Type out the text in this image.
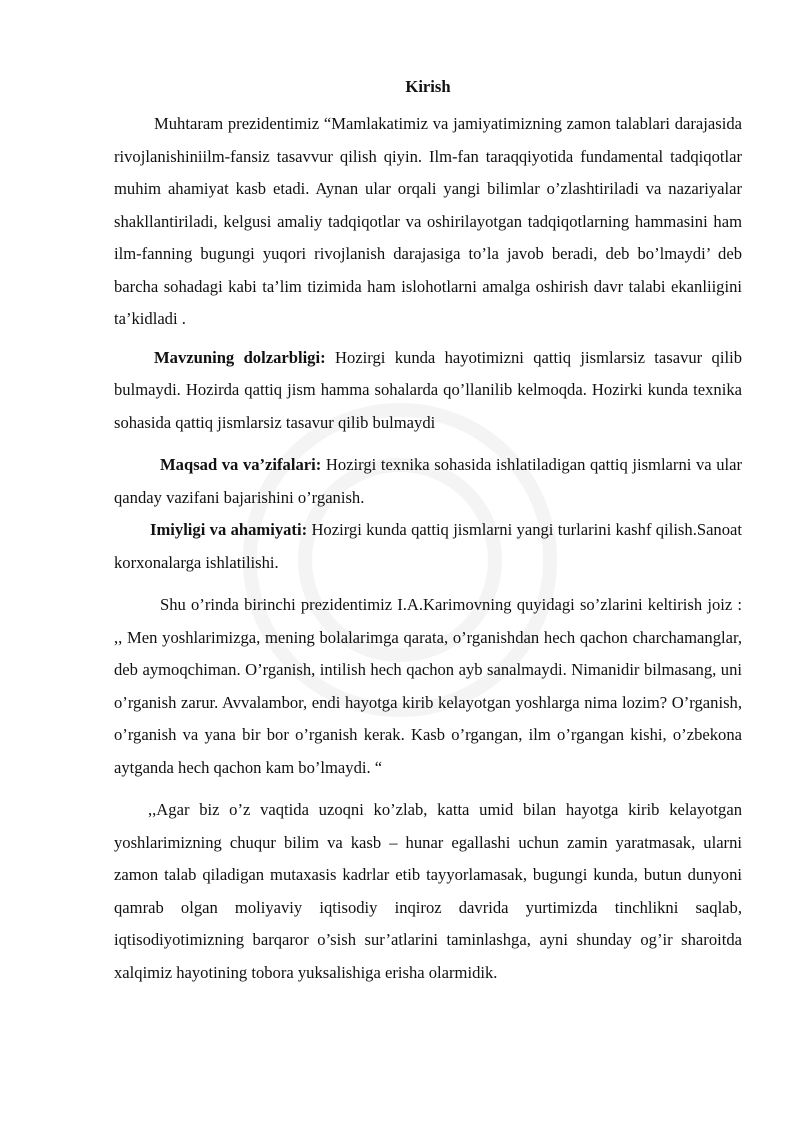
Kirish

Muhtaram prezidentimiz “Mamlakatimiz va jamiyatimizning zamon talablari darajasida rivojlanishiniilm-fansiz tasavvur qilish qiyin. Ilm-fan taraqqiyotida fundamental tadqiqotlar muhim ahamiyat kasb etadi. Aynan ular orqali yangi bilimlar o’zlashtiriladi va nazariyalar shakllantiriladi, kelgusi amaliy tadqiqotlar va oshirilayotgan tadqiqotlarning hammasini ham ilm-fanning bugungi yuqori rivojlanish darajasiga to’la javob beradi, deb bo’lmaydi’ deb barcha sohadagi kabi ta’lim tizimida ham islohotlarni amalga oshirish davr talabi ekanliigini ta’kidladi .

Mavzuning dolzarbligi: Hozirgi kunda hayotimizni qattiq jismlarsiz tasavur qilib bulmaydi. Hozirda qattiq jism hamma sohalarda qo’llanilib kelmoqda. Hozirki kunda texnika sohasida qattiq jismlarsiz tasavur qilib bulmaydi

Maqsad va va’zifalari: Hozirgi texnika sohasida ishlatiladigan qattiq jismlarni va ular qanday vazifani bajarishini o’rganish.

Imiyligi va ahamiyati: Hozirgi kunda qattiq jismlarni yangi turlarini kashf qilish.Sanoat korxonalarga ishlatilishi.

Shu o’rinda birinchi prezidentimiz I.A.Karimovning quyidagi so’zlarini keltirish joiz : ,, Men yoshlarimizga, mening bolalarimga qarata, o’rganishdan hech qachon charchamanglar, deb aymoqchiman. O’rganish, intilish hech qachon ayb sanalmaydi. Nimanidir bilmasang, uni o’rganish zarur. Avvalambor, endi hayotga kirib kelayotgan yoshlarga nima lozim? O’rganish, o’rganish va yana bir bor o’rganish kerak. Kasb o’rgangan, ilm o’rgangan kishi, o’zbekona aytganda hech qachon kam bo’lmaydi. “

,,Agar biz o’z vaqtida uzoqni ko’zlab, katta umid bilan hayotga kirib kelayotgan yoshlarimizning chuqur bilim va kasb – hunar egallashi uchun zamin yaratmasak, ularni zamon talab qiladigan mutaxasis kadrlar etib tayyorlamasak, bugungi kunda, butun dunyoni qamrab olgan moliyaviy iqtisodiy inqiroz davrida yurtimizda tinchlikni saqlab, iqtisodiyotimizning barqaror o’sish sur’atlarini taminlashga, ayni shunday og’ir sharoitda xalqimiz hayotining tobora yuksalishiga erisha olarmidik.
